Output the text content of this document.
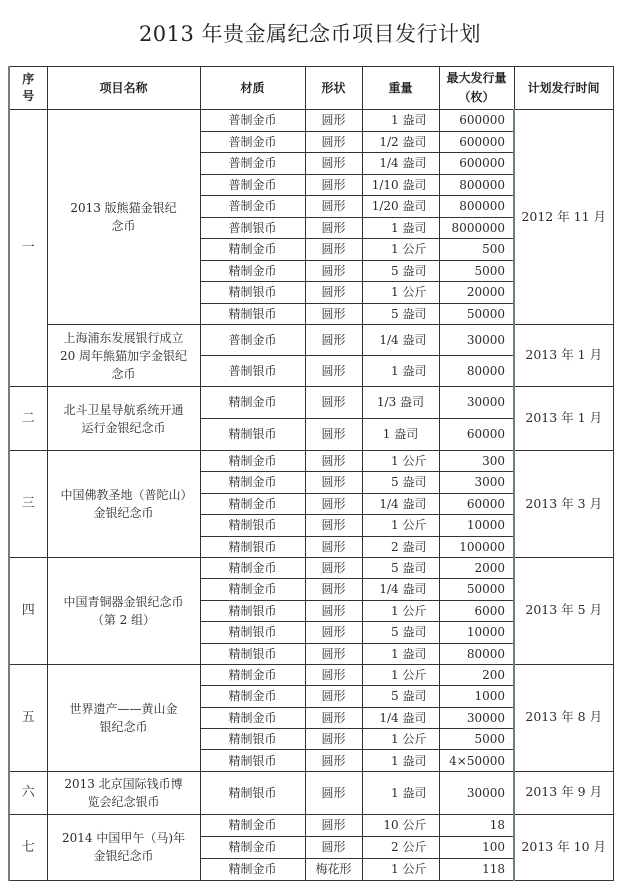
2013 年贵金属纪念币项目发行计划
序号	项目名称	材质	形状	重量	最大发行量（枚）	计划发行时间
一	2013 版熊猫金银纪念币	普制金币	圆形	1 盎司	600000	2012 年 11 月
		普制金币	圆形	1/2 盎司	600000	
		普制金币	圆形	1/4 盎司	600000	
		普制金币	圆形	1/10 盎司	800000	
		普制金币	圆形	1/20 盎司	800000	
		普制银币	圆形	1 盎司	8000000	
		精制金币	圆形	1 公斤	500	
		精制金币	圆形	5 盎司	5000	
		精制银币	圆形	1 公斤	20000	
		精制银币	圆形	5 盎司	50000	
	上海浦东发展银行成立 20 周年熊猫加字金银纪念币	普制金币	圆形	1/4 盎司	30000	2013 年 1 月
		普制银币	圆形	1 盎司	80000	
二	北斗卫星导航系统开通运行金银纪念币	精制金币	圆形	1/3 盎司	30000	2013 年 1 月
		精制银币	圆形	1 盎司	60000	
三	中国佛教圣地（普陀山）金银纪念币	精制金币	圆形	1 公斤	300	2013 年 3 月
		精制金币	圆形	5 盎司	3000	
		精制金币	圆形	1/4 盎司	60000	
		精制银币	圆形	1 公斤	10000	
		精制银币	圆形	2 盎司	100000	
四	中国青铜器金银纪念币（第 2 组）	精制金币	圆形	5 盎司	2000	2013 年 5 月
		精制金币	圆形	1/4 盎司	50000	
		精制银币	圆形	1 公斤	6000	
		精制银币	圆形	5 盎司	10000	
		精制银币	圆形	1 盎司	80000	
五	世界遗产——黄山金银纪念币	精制金币	圆形	1 公斤	200	2013 年 8 月
		精制金币	圆形	5 盎司	1000	
		精制金币	圆形	1/4 盎司	30000	
		精制银币	圆形	1 公斤	5000	
		精制银币	圆形	1 盎司	4×50000	
六	2013 北京国际钱币博览会纪念银币	精制银币	圆形	1 盎司	30000	2013 年 9 月
七	2014 中国甲午（马)年金银纪念币	精制金币	圆形	10 公斤	18	2013 年 10 月
		精制金币	圆形	2 公斤	100	
		精制金币	梅花形	1 公斤	118	
